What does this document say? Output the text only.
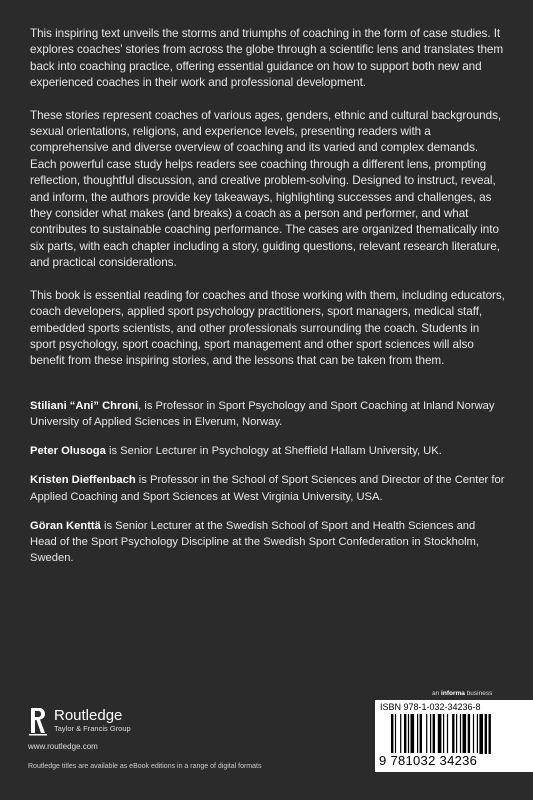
This inspiring text unveils the storms and triumphs of coaching in the form of case studies. It explores coaches’ stories from across the globe through a scientific lens and translates them back into coaching practice, offering essential guidance on how to support both new and experienced coaches in their work and professional development.

These stories represent coaches of various ages, genders, ethnic and cultural backgrounds, sexual orientations, religions, and experience levels, presenting readers with a comprehensive and diverse overview of coaching and its varied and complex demands. Each powerful case study helps readers see coaching through a different lens, prompting reflection, thoughtful discussion, and creative problem-solving. Designed to instruct, reveal, and inform, the authors provide key takeaways, highlighting successes and challenges, as they consider what makes (and breaks) a coach as a person and performer, and what contributes to sustainable coaching performance. The cases are organized thematically into six parts, with each chapter including a story, guiding questions, relevant research literature, and practical considerations.

This book is essential reading for coaches and those working with them, including educators, coach developers, applied sport psychology practitioners, sport managers, medical staff, embedded sports scientists, and other professionals surrounding the coach. Students in sport psychology, sport coaching, sport management and other sport sciences will also benefit from these inspiring stories, and the lessons that can be taken from them.

Stiliani “Ani” Chroni, is Professor in Sport Psychology and Sport Coaching at Inland Norway University of Applied Sciences in Elverum, Norway.

Peter Olusoga is Senior Lecturer in Psychology at Sheffield Hallam University, UK.

Kristen Dieffenbach is Professor in the School of Sport Sciences and Director of the Center for Applied Coaching and Sport Sciences at West Virginia University, USA.

Göran Kenttä is Senior Lecturer at the Swedish School of Sport and Health Sciences and Head of the Sport Psychology Discipline at the Swedish Sport Confederation in Stockholm, Sweden.

Routledge
Taylor & Francis Group
www.routledge.com
Routledge titles are available as eBook editions in a range of digital formats
an informa business
ISBN 978-1-032-34236-8
9 781032 34236
